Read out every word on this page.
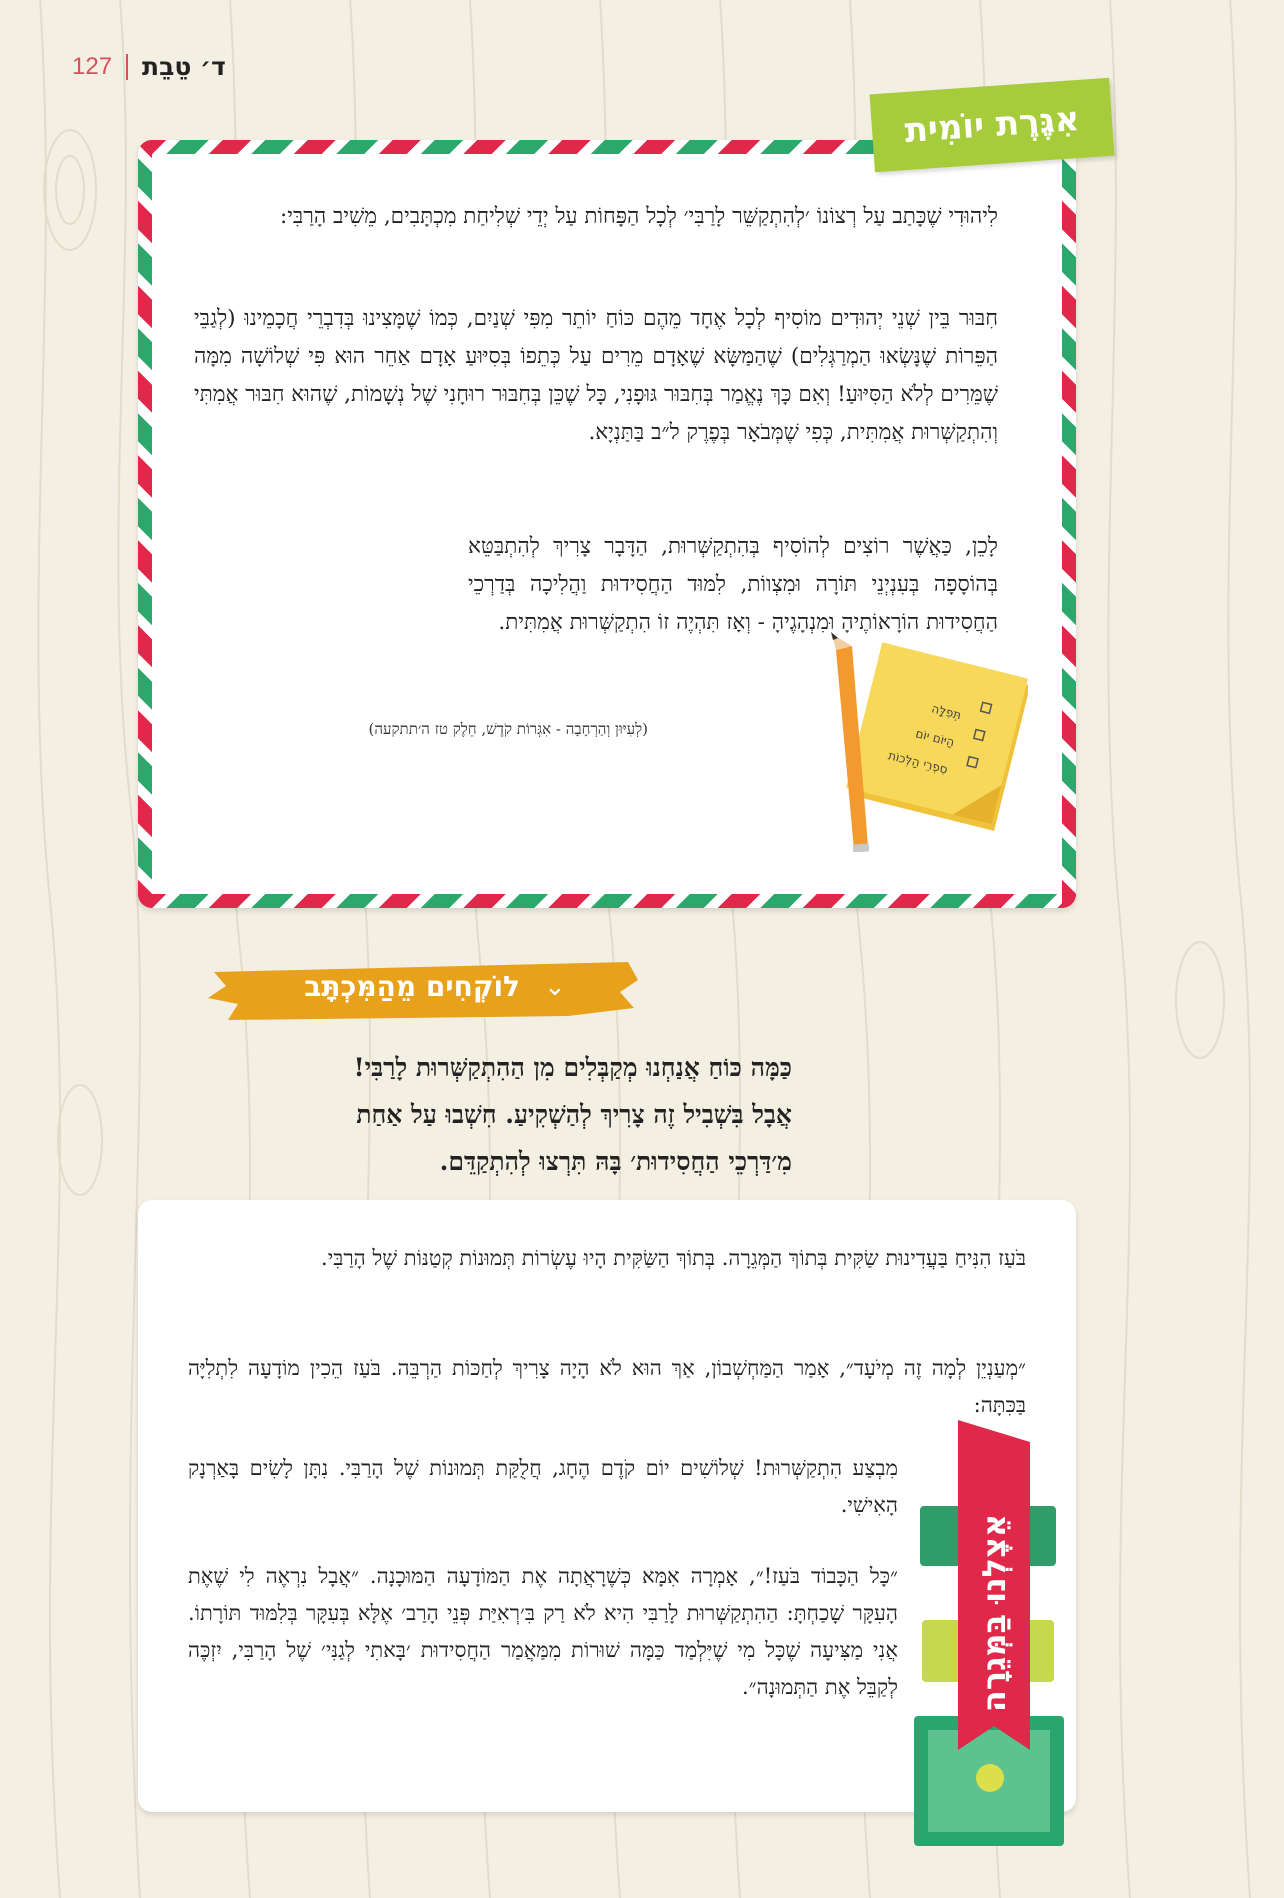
127 ד׳ טֵבֵת

לִיהוּדִי שֶׁכָּתַב עַל רְצוֹנוֹ ׳לְהִתְקַשֵּׁר לָרַבִּי׳ לְכָל הַפָּחוֹת עַל יְדֵי שְׁלִיחַת מִכְתָּבִים, מֵשִׁיב הָרַבִּי:

חִבּוּר בֵּין שְׁנֵי יְהוּדִים מוֹסִיף לְכָל אֶחָד מֵהֶם כּוֹחַ יוֹתֵר מִפִּי שְׁנַיִם, כְּמוֹ שֶׁמָּצִינוּ בְּדִבְרֵי חֲכָמֵינוּ (לְגַבֵּי הַפֵּרוֹת שֶׁנָּשְׂאוּ הַמְרַגְּלִים) שֶׁהַמַּשָּׂא שֶׁאָדָם מֵרִים עַל כְּתֵפוֹ בְּסִיּוּעַ אָדָם אַחֵר הוּא פִּי שְׁלוֹשָׁה מִמָּה שֶׁמֵּרִים לְלֹא הַסִּיּוּעַ! וְאִם כָּךְ נֶאֱמַר בְּחִבּוּר גּוּפָנִי, כָּל שֶׁכֵּן בְּחִבּוּר רוּחָנִי שֶׁל נְשָׁמוֹת, שֶׁהוּא חִבּוּר אֲמִתִּי וְהִתְקַשְּׁרוּת אֲמִתִּית, כְּפִי שֶׁמְּבֹאָר בְּפֶרֶק ל״ב בַּתַּנְיָא.

לָכֵן, כַּאֲשֶׁר רוֹצִים לְהוֹסִיף בְּהִתְקַשְּׁרוּת, הַדָּבָר צָרִיךְ לְהִתְבַּטֵּא בְּהוֹסָפָה בְּעִנְיְנֵי תּוֹרָה וּמִצְווֹת, לִמּוּד הַחֲסִידוּת וַהֲלִיכָה בְּדַרְכֵי הַחֲסִידוּת הוֹרָאוֹתֶיהָ וּמִנְהָגֶיהָ - וְאָז תִּהְיֶה זוֹ הִתְקַשְּׁרוּת אֲמִתִּית.

(לְעִיּוּן וְהַרְחָבָה - אִגְּרוֹת קֹדֶשׁ, חֵלֶק טז ה׳תתקעה)
תְּפִלָּה
הַיּוֹם יוֹם
סִפְרֵי הַלְּכוֹת
אִגֶּרֶת יוֹמִית
⌄
לוֹקְחִים מֵהַמִּכְתָּב
כַּמָּה כּוֹחַ אֲנַחְנוּ מְקַבְּלִים מִן הַהִתְקַשְּׁרוּת לָרַבִּי!
אֲבָל בִּשְׁבִיל זֶה צָרִיךְ לְהַשְׁקִיעַ. חִשְׁבוּ עַל אַחַת
מִ׳דַּרְכֵי הַחֲסִידוּת׳ בָּהּ תִּרְצוּ לְהִתְקַדֵּם.

בֹּעַז הִנִּיחַ בַּעֲדִינוּת שַׂקִּית בְּתוֹךְ הַמְּגֵרָה. בְּתוֹךְ הַשַּׂקִּית הָיוּ עֶשְׂרוֹת תְּמוּנוֹת קְטַנּוֹת שֶׁל הָרַבִּי.

״מְעַנְיֵן לְמָה זֶה מְיֹעָד״, אָמַר הַמַּחְשְׁבוֹן, אַךְ הוּא לֹא הָיָה צָרִיךְ לְחַכּוֹת הַרְבֵּה. בֹּעַז הֵכִין מוֹדָעָה לִתְלִיָּה בַּכִּתָּה:

מִבְצַע הִתְקַשְּׁרוּת! שְׁלוֹשִׁים יוֹם קֹדֶם הֶחָג, חֲלֻקַּת תְּמוּנוֹת שֶׁל הָרַבִּי. נִתָּן לָשִׂים בָּאַרְנָק הָאִישִׁי.

״כָּל הַכָּבוֹד בֹּעַז!״, אָמְרָה אִמָּא כְּשֶׁרָאֲתָה אֶת הַמּוֹדָעָה הַמּוּכָנָה. ״אֲבָל נִרְאֶה לִי שֶׁאֶת הָעִקָּר שָׁכַחְתָּ: הַהִתְקַשְּׁרוּת לָרַבִּי הִיא לֹא רַק בִּ׳רְאִיַּת פְּנֵי הָרַב׳ אֶלָּא בְּעִקָּר בְּלִמּוּד תּוֹרָתוֹ. אֲנִי מַצִּיעָה שֶׁכָּל מִי שֶׁיִּלְמַד כַּמָּה שׁוּרוֹת מִמַּאֲמַר הַחֲסִידוּת ׳בָּאתִי לְגַנִּי׳ שֶׁל הָרַבִּי, יִזְכֶּה לְקַבֵּל אֶת הַתְּמוּנָה״. אֵצֶלְנוּ בַּמְּגֵרָה
